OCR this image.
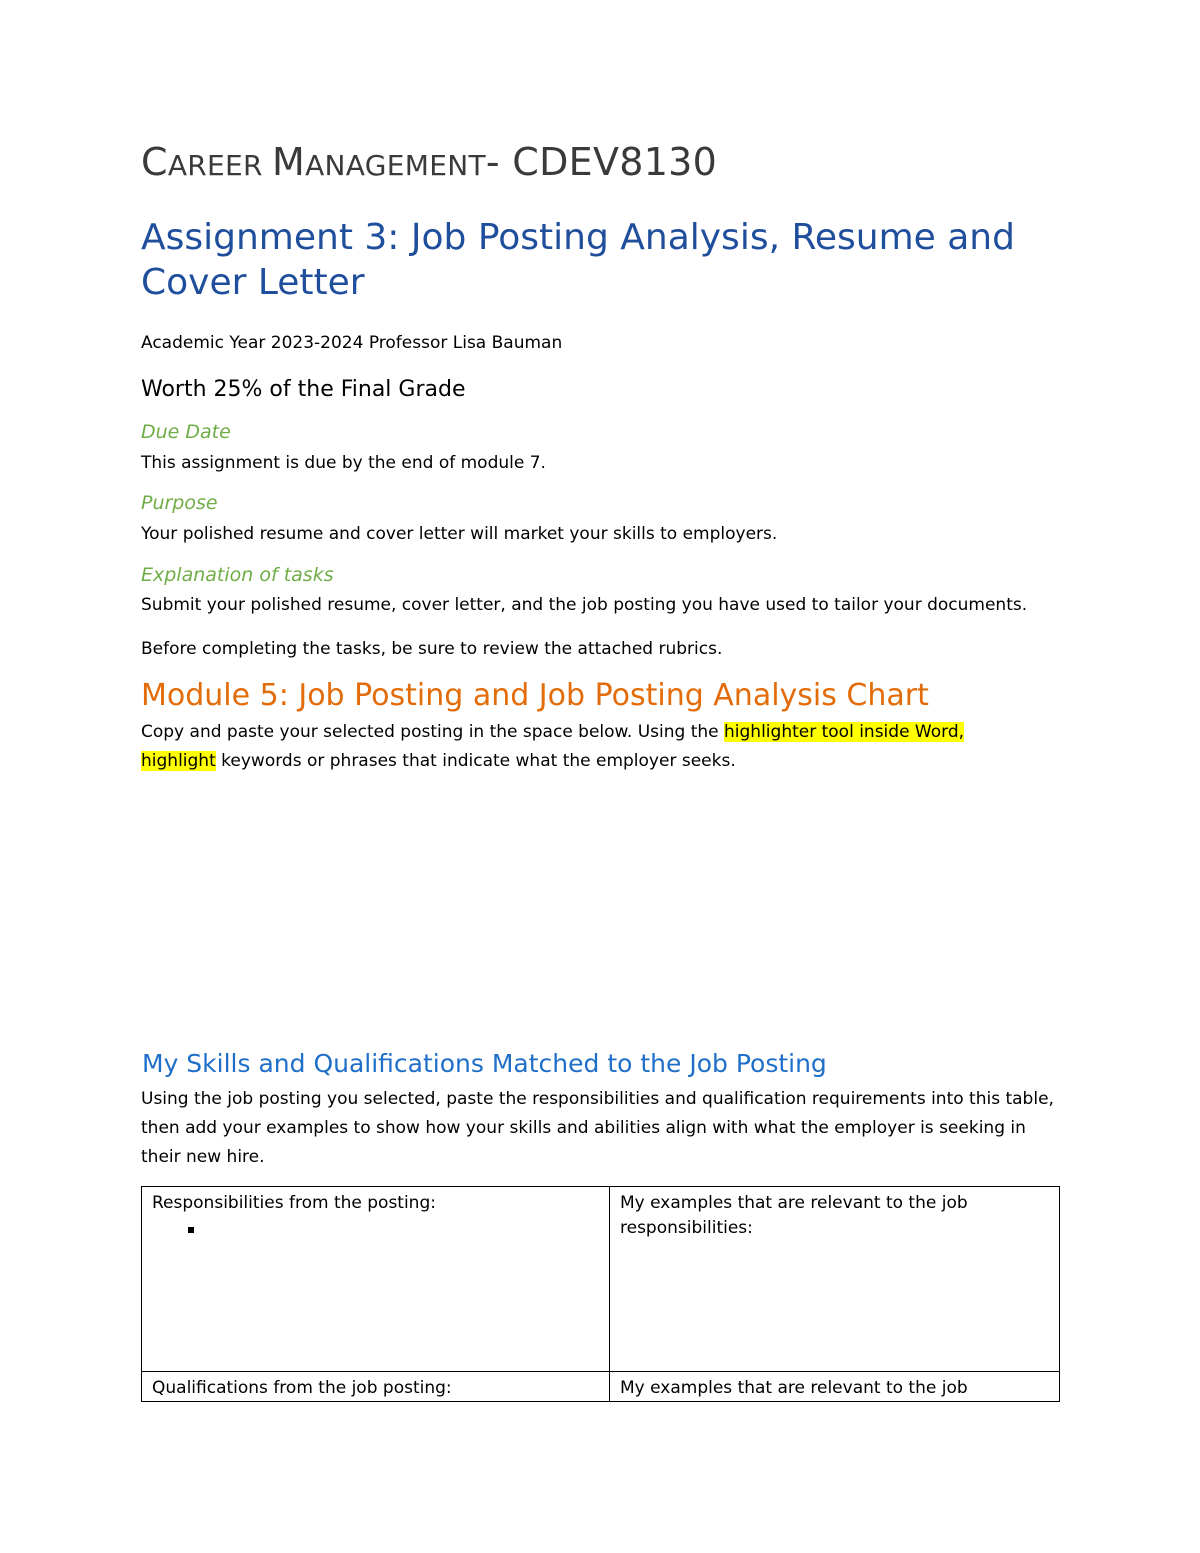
CAREER MANAGEMENT- CDEV8130
Assignment 3: Job Posting Analysis, Resume and Cover Letter
Academic Year 2023-2024 Professor Lisa Bauman
Worth 25% of the Final Grade
Due Date
This assignment is due by the end of module 7.
Purpose
Your polished resume and cover letter will market your skills to employers.
Explanation of tasks
Submit your polished resume, cover letter, and the job posting you have used to tailor your documents.
Before completing the tasks, be sure to review the attached rubrics.
Module 5: Job Posting and Job Posting Analysis Chart
Copy and paste your selected posting in the space below. Using the highlighter tool inside Word,
highlight keywords or phrases that indicate what the employer seeks.
My Skills and Qualifications Matched to the Job Posting
Using the job posting you selected, paste the responsibilities and qualification requirements into this table, then add your examples to show how your skills and abilities align with what the employer is seeking in their new hire.
Responsibilities from the posting:	My examples that are relevant to the job responsibilities:

Qualifications from the job posting:	My examples that are relevant to the job
